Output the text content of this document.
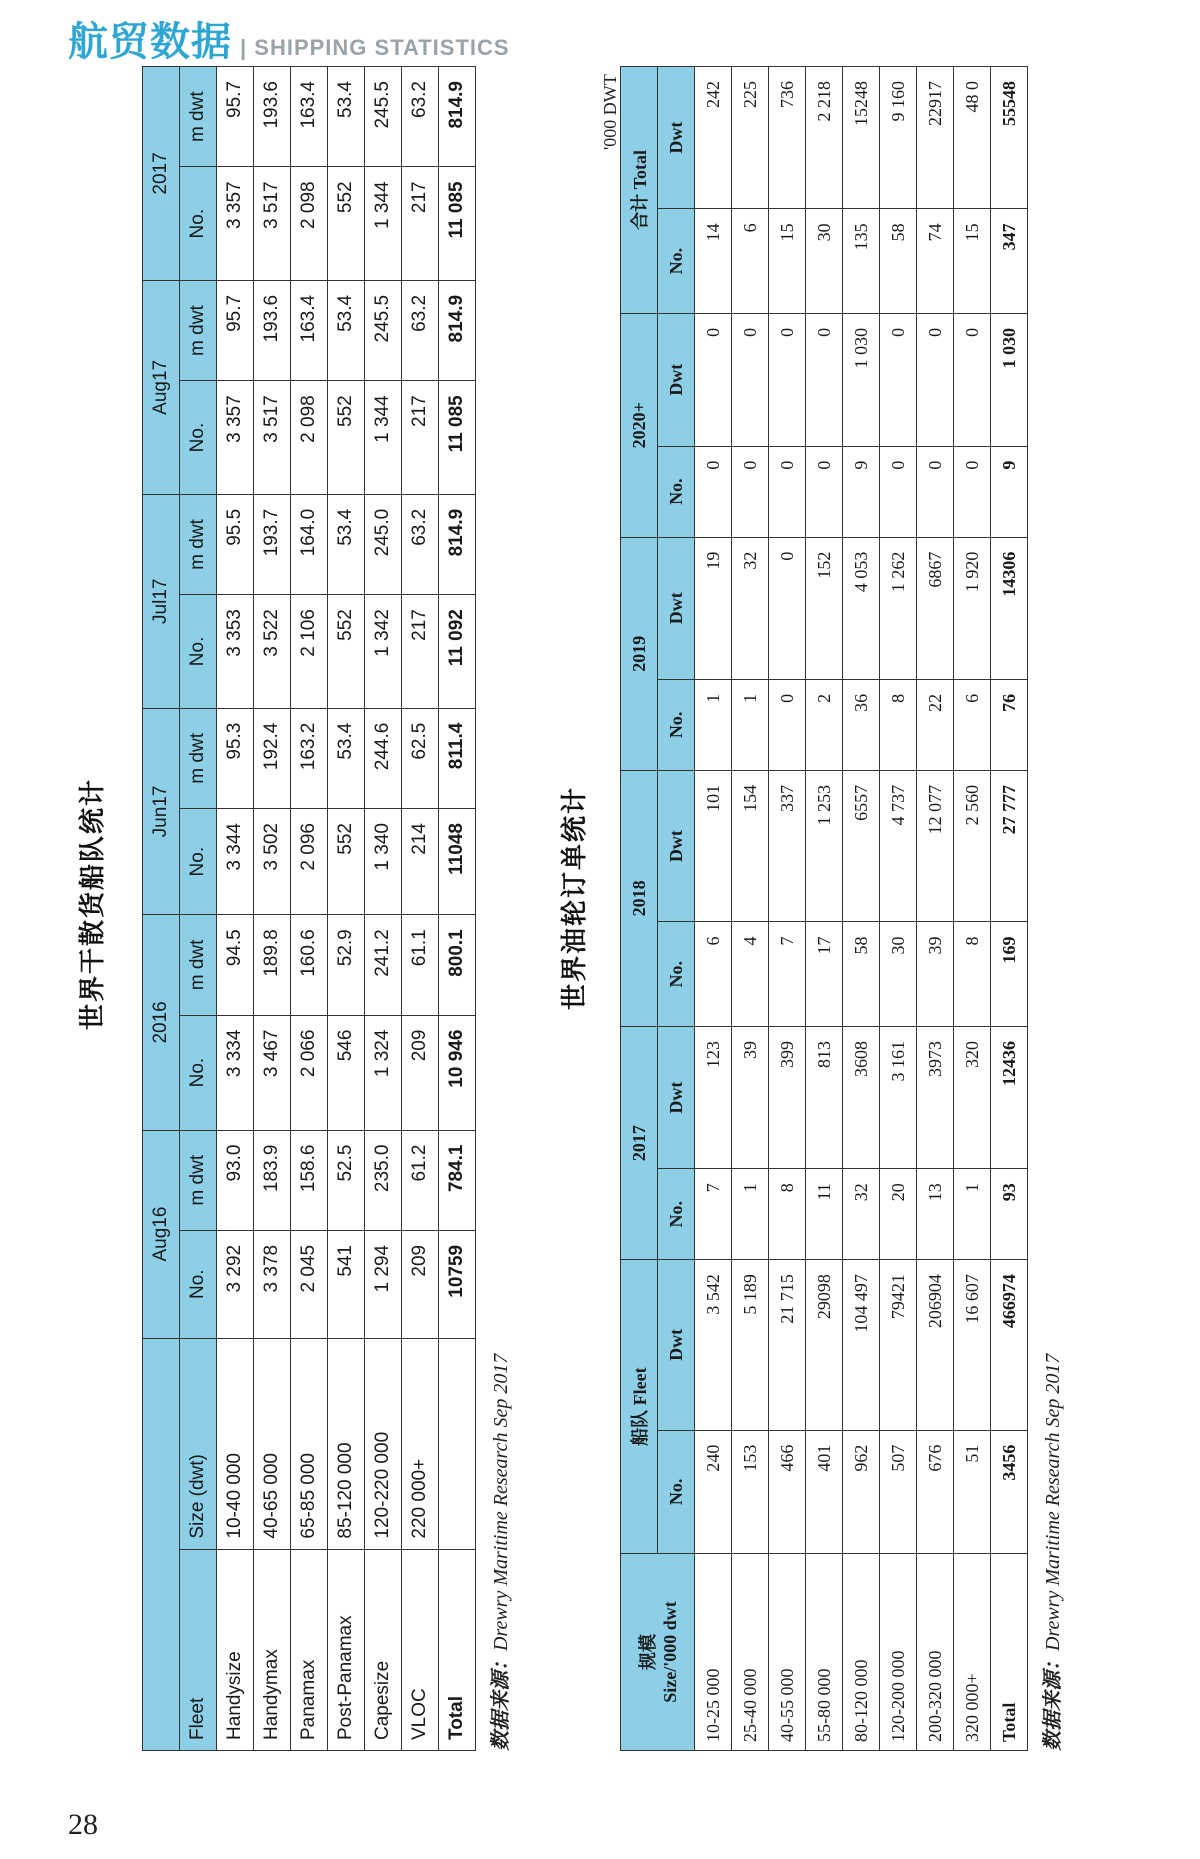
航贸数据 | SHIPPING STATISTICS
世界干散货船队统计	世界油轮订单统计
'000 DWT
		Aug16		2016		Jun17		Jul17		Aug17		2017	
Fleet	Size (dwt)	No.	m dwt	No.	m dwt	No.	m dwt	No.	m dwt	No.	m dwt	No.	m dwt
Handysize	10-40 000	3 292	93.0	3 334	94.5	3 344	95.3	3 353	95.5	3 357	95.7	3 357	95.7
Handymax	40-65 000	3 378	183.9	3 467	189.8	3 502	192.4	3 522	193.7	3 517	193.6	3 517	193.6
Panamax	65-85 000	2 045	158.6	2 066	160.6	2 096	163.2	2 106	164.0	2 098	163.4	2 098	163.4
Post-Panamax	85-120 000	541	52.5	546	52.9	552	53.4	552	53.4	552	53.4	552	53.4
Capesize	120-220 000	1 294	235.0	1 324	241.2	1 340	244.6	1 342	245.0	1 344	245.5	1 344	245.5
VLOC	220 000+	209	61.2	209	61.1	214	62.5	217	63.2	217	63.2	217	63.2
Total		10759	784.1	10 946	800.1	11048	811.4	11 092	814.9	11 085	814.9	11 085	814.9
数据来源：Drewry Maritime Research Sep 2017
规模 Size/'000 dwt	船队 Fleet		2017		2018		2019		2020+		合计 Total	
	No.	Dwt	No.	Dwt	No.	Dwt	No.	Dwt	No.	Dwt	No.	Dwt
10-25 000	240	3 542	7	123	6	101	1	19	0	0	14	242
25-40 000	153	5 189	1	39	4	154	1	32	0	0	6	225
40-55 000	466	21 715	8	399	7	337	0	0	0	0	15	736
55-80 000	401	29098	11	813	17	1 253	2	152	0	0	30	2 218
80-120 000	962	104 497	32	3608	58	6557	36	4 053	9	1 030	135	15248
120-200 000	507	79421	20	3 161	30	4 737	8	1 262	0	0	58	9 160
200-320 000	676	206904	13	3973	39	12 077	22	6867	0	0	74	22917
320 000+	51	16 607	1	320	8	2 560	6	1 920	0	0	15	48 0
Total	3456	466974	93	12436	169	27 777	76	14306	9	1 030	347	55548
数据来源：Drewry Maritime Research Sep 2017
28
